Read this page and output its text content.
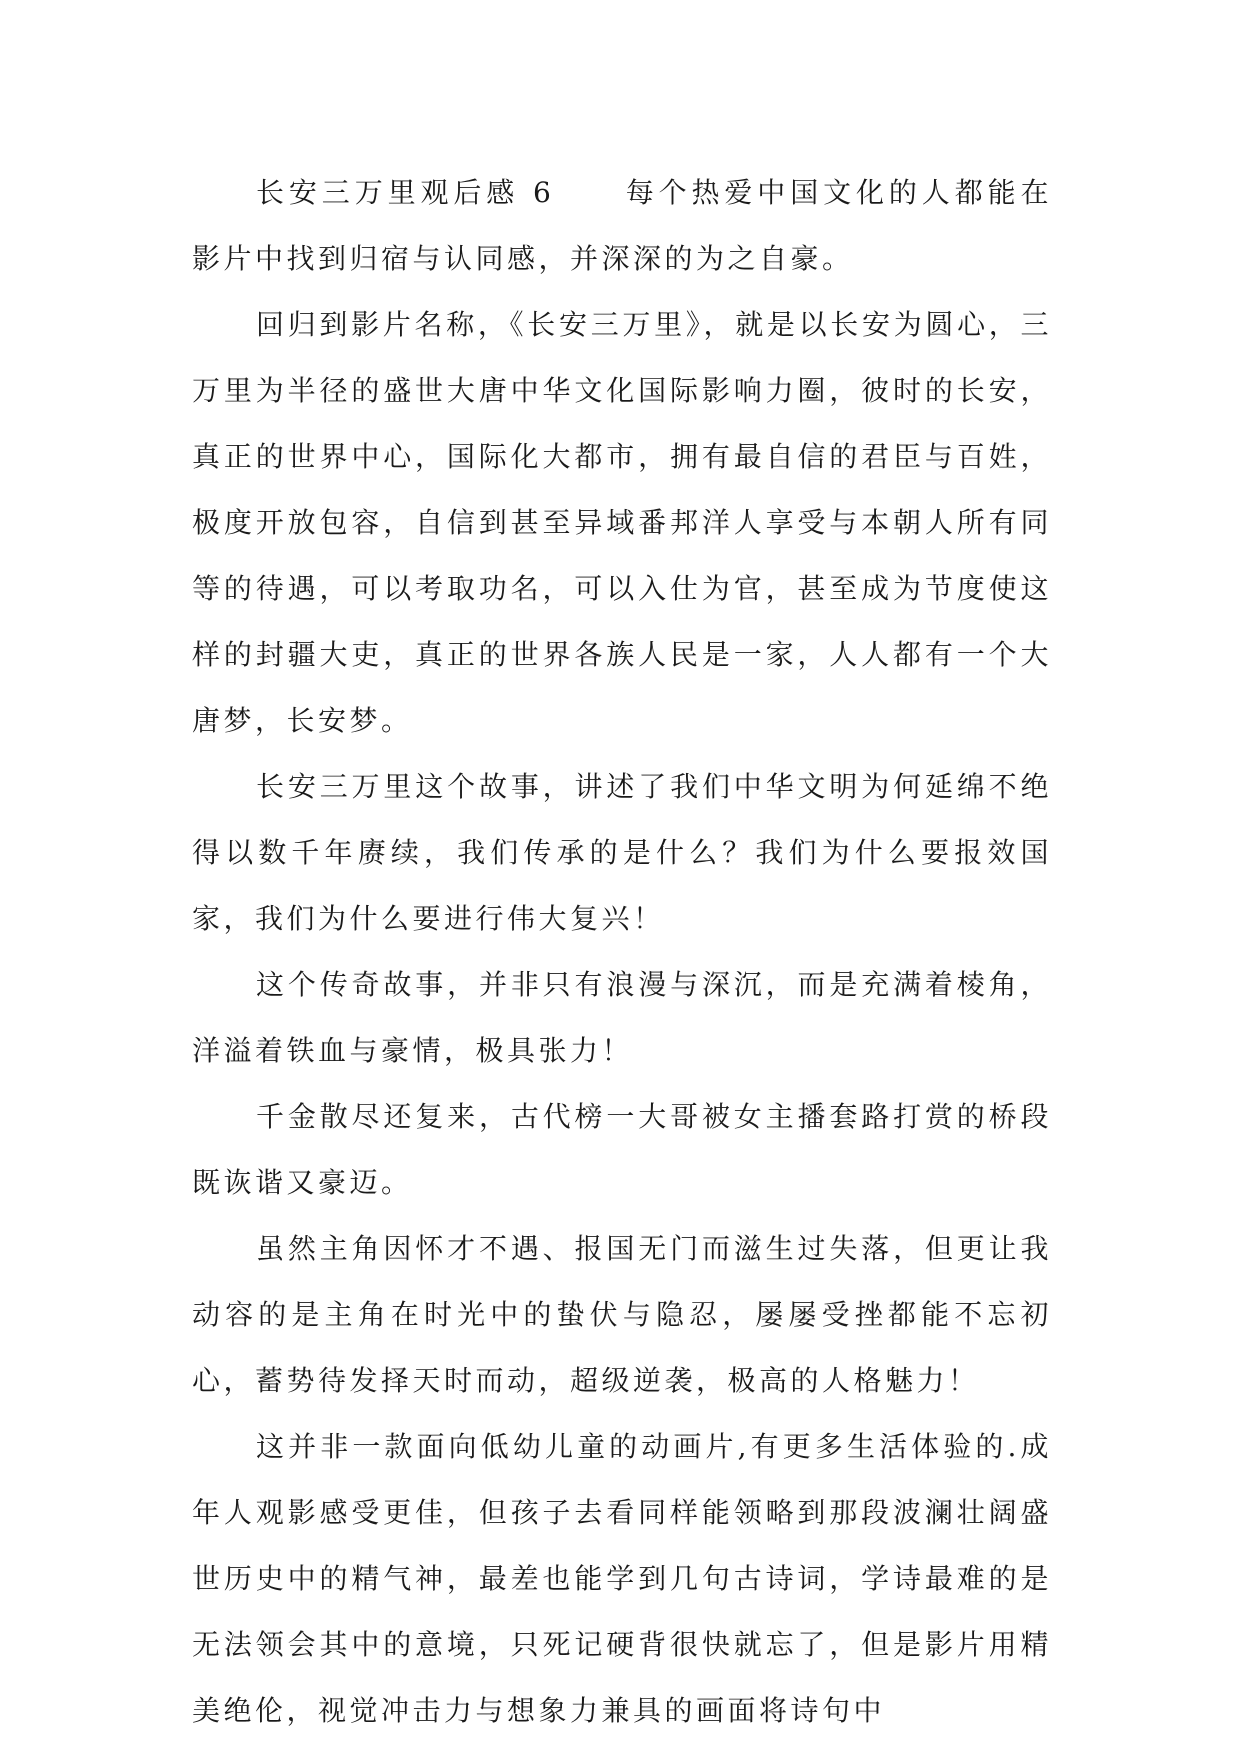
长安三万里观后感 6	每个热爱中国文化的人都能在影片中找到归宿与认同感，并深深的为之自豪。

回归到影片名称，《长安三万里》，就是以长安为圆心，三万里为半径的盛世大唐中华文化国际影响力圈，彼时的长安，真正的世界中心，国际化大都市，拥有最自信的君臣与百姓，极度开放包容，自信到甚至异域番邦洋人享受与本朝人所有同等的待遇，可以考取功名，可以入仕为官，甚至成为节度使这样的封疆大吏，真正的世界各族人民是一家，人人都有一个大唐梦，长安梦。

长安三万里这个故事，讲述了我们中华文明为何延绵不绝得以数千年赓续，我们传承的是什么？我们为什么要报效国家，我们为什么要进行伟大复兴！

这个传奇故事，并非只有浪漫与深沉，而是充满着棱角，洋溢着铁血与豪情，极具张力！

千金散尽还复来，古代榜一大哥被女主播套路打赏的桥段既诙谐又豪迈。

虽然主角因怀才不遇、报国无门而滋生过失落，但更让我动容的是主角在时光中的蛰伏与隐忍，屡屡受挫都能不忘初心，蓄势待发择天时而动，超级逆袭，极高的人格魅力！

这并非一款面向低幼儿童的动画片,有更多生活体验的.成年人观影感受更佳，但孩子去看同样能领略到那段波澜壮阔盛世历史中的精气神，最差也能学到几句古诗词，学诗最难的是无法领会其中的意境，只死记硬背很快就忘了，但是影片用精美绝伦，视觉冲击力与想象力兼具的画面将诗句中
